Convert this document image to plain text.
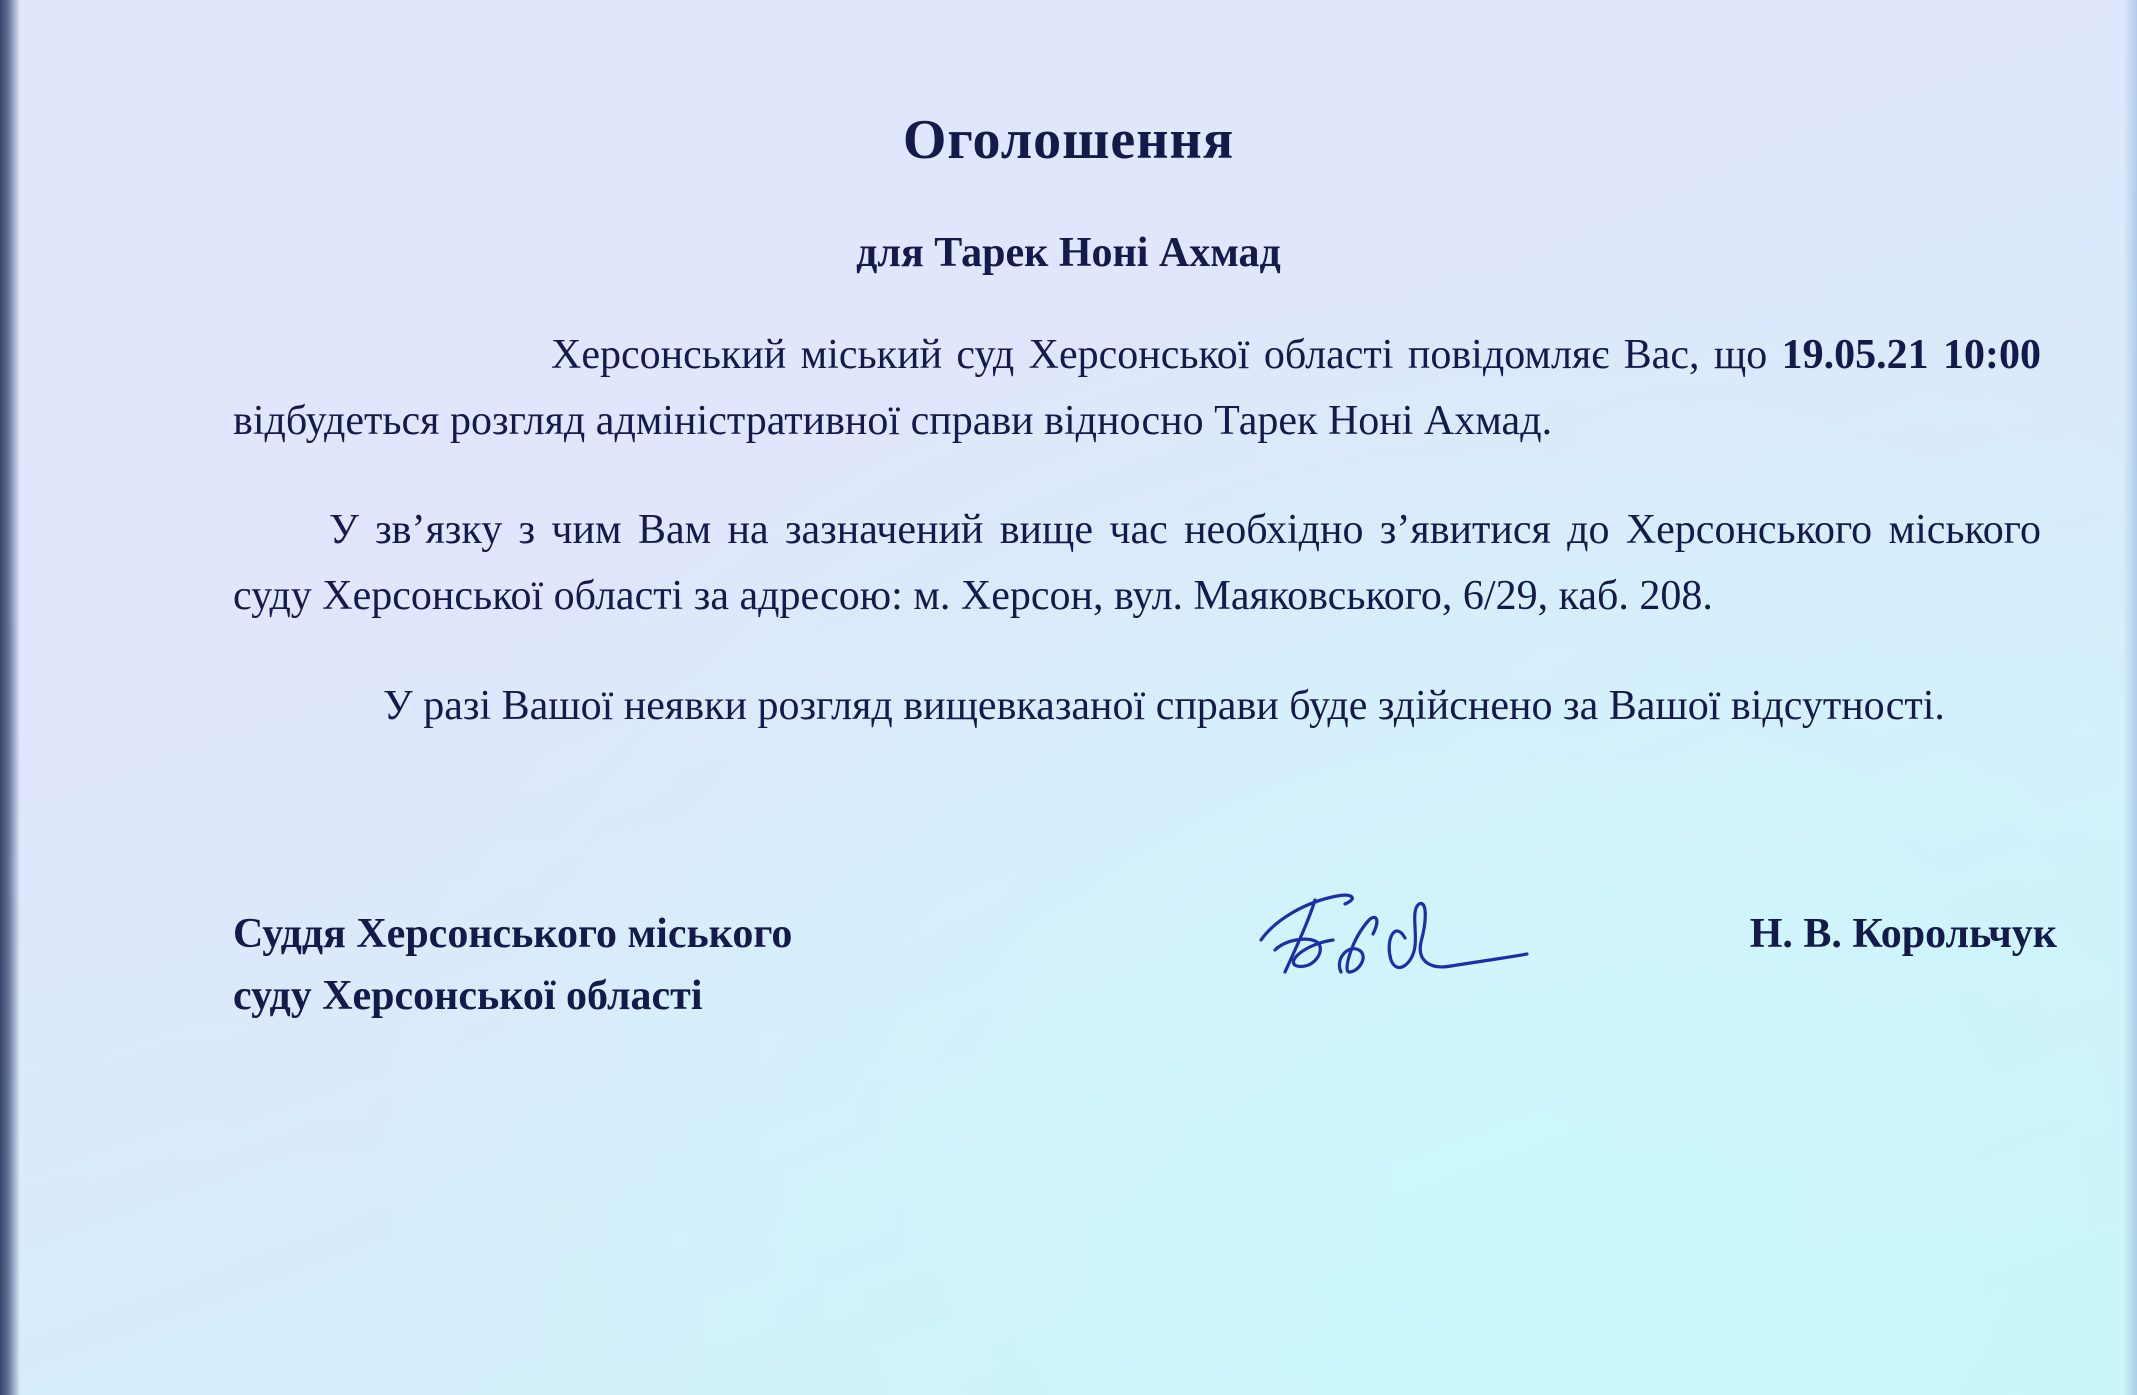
Оголошення
для Тарек Ноні Ахмад

Херсонський міський суд Херсонської області повідомляє Вас, що 19.05.21 10:00 відбудеться розгляд адміністративної справи відносно Тарек Ноні Ахмад.

У зв’язку з чим Вам на зазначений вище час необхідно з’явитися до Херсонського міського суду Херсонської області за адресою: м. Херсон, вул. Маяковського, 6/29, каб. 208.

У разі Вашої неявки розгляд вищевказаної справи буде здійснено за Вашої відсутності.

Суддя Херсонського міського
суду Херсонської області
Н. В. Корольчук
